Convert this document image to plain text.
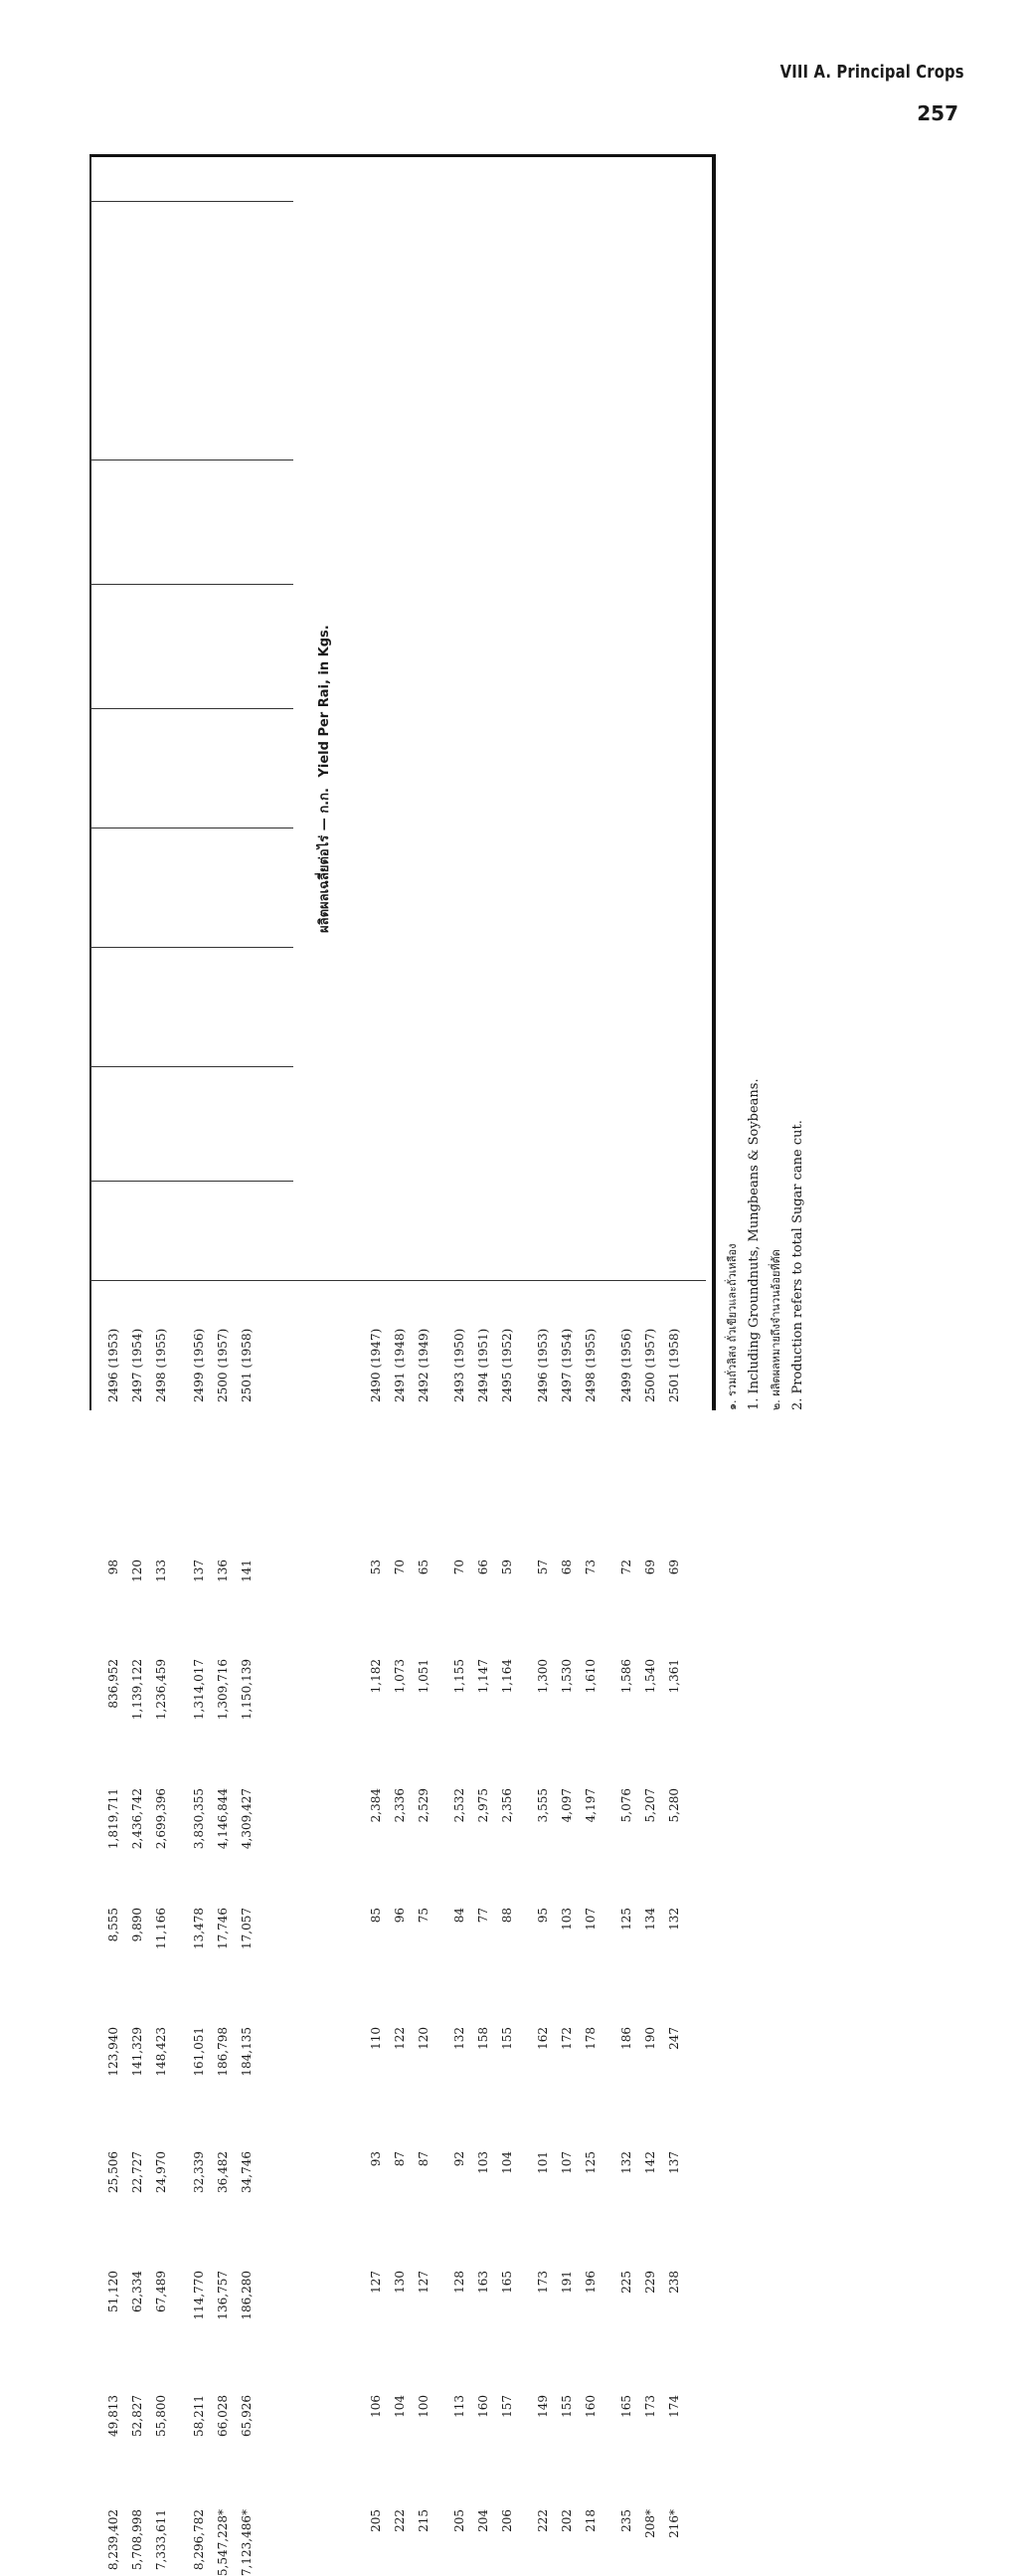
VIII A. Principal Crops
257
ผลิตผลเฉลี่ยต่อไร่ — ก.ก. Yield Per Rai, in Kgs.
2496 (1953) 2497 (1954) 2498 (1955) 2499 (1956) 2500 (1957) 2501 (1958)
8,239,402 5,708,998 7,333,611 8,296,782 5,547,228* 7,123,486*
49,813 52,827 55,800 58,211 66,028 65,926
51,120 62,334 67,489 114,770 136,757 186,280
25,506 22,727 24,970 32,339 36,482 34,746
123,940 141,329 148,423 161,051 186,798 184,135
8,555 9,890 11,166 13,478 17,746 17,057
1,819,711 2,436,742 2,699,396 3,830,355 4,146,844 4,309,427
836,952 1,139,122 1,236,459 1,314,017 1,309,716 1,150,139
98 120 133 137 136 141
2490 (1947) 2491 (1948) 2492 (1949) 2493 (1950) 2494 (1951) 2495 (1952) 2496 (1953) 2497 (1954) 2498 (1955) 2499 (1956) 2500 (1957) 2501 (1958)
205 222 215 205 204 206 222 202 218 235 208* 216*
106 104 100 113 160 157 149 155 160 165 173 174
127 130 127 128 163 165 173 191 196 225 229 238
93 87 87 92 103 104 101 107 125 132 142 137
110 122 120 132 158 155 162 172 178 186 190 247
85 96 75 84 77 88 95 103 107 125 134 132
2,384 2,336 2,529 2,532 2,975 2,356 3,555 4,097 4,197 5,076 5,207 5,280
1,182 1,073 1,051 1,155 1,147 1,164 1,300 1,530 1,610 1,586 1,540 1,361
53 70 65 70 66 59 57 68 73 72 69 69
๑. รวมถั่วลิสง ถั่วเขียวและถั่วเหลือง 1. Including Groundnuts, Mungbeans & Soybeans. ๒. ผลิตผลหมายถึงจำนวนอ้อยที่ตัด 2. Production refers to total Sugar cane cut.
